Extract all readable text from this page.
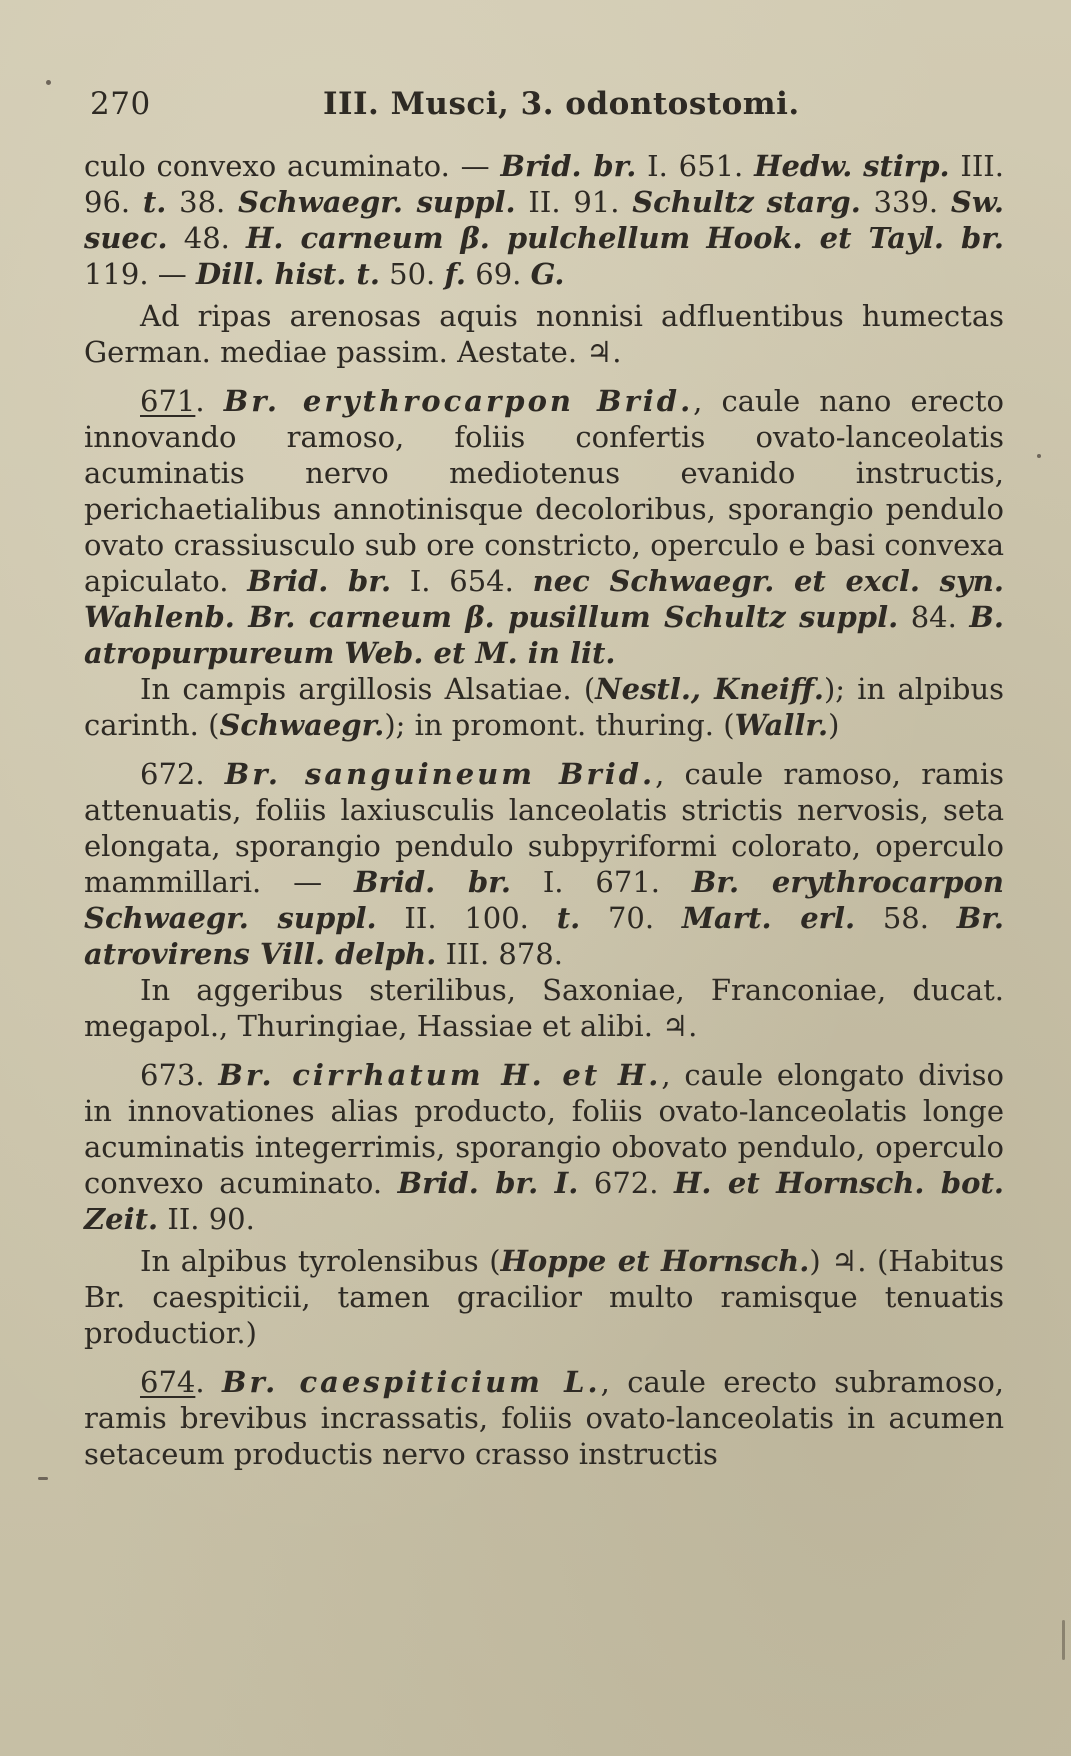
270	III. Musci, 3. odontostomi.

culo convexo acuminato. — Brid. br. I. 651. Hedw. stirp. III. 96. t. 38. Schwaegr. suppl. II. 91. Schultz starg. 339. Sw. suec. 48. H. carneum β. pulchellum Hook. et Tayl. br. 119. — Dill. hist. t. 50. f. 69. G.

Ad ripas arenosas aquis nonnisi adfluentibus humectas German. mediae passim. Aestate. ♃.

671. Br. erythrocarpon Brid., caule nano erecto innovando ramoso, foliis confertis ovato-lanceolatis acuminatis nervo mediotenus evanido instructis, perichaetialibus annotinisque decoloribus, sporangio pendulo ovato crassiusculo sub ore constricto, operculo e basi convexa apiculato. Brid. br. I. 654. nec Schwaegr. et excl. syn. Wahlenb. Br. carneum β. pusillum Schultz suppl. 84. B. atropurpureum Web. et M. in lit.

In campis argillosis Alsatiae. (Nestl., Kneiff.); in alpibus carinth. (Schwaegr.); in promont. thuring. (Wallr.)

672. Br. sanguineum Brid., caule ramoso, ramis attenuatis, foliis laxiusculis lanceolatis strictis nervosis, seta elongata, sporangio pendulo subpyriformi colorato, operculo mammillari. — Brid. br. I. 671. Br. erythrocarpon Schwaegr. suppl. II. 100. t. 70. Mart. erl. 58. Br. atrovirens Vill. delph. III. 878.

In aggeribus sterilibus, Saxoniae, Franconiae, ducat. megapol., Thuringiae, Hassiae et alibi. ♃.

673. Br. cirrhatum H. et H., caule elongato diviso in innovationes alias producto, foliis ovato-lanceolatis longe acuminatis integerrimis, sporangio obovato pendulo, operculo convexo acuminato. Brid. br. I. 672. H. et Hornsch. bot. Zeit. II. 90.

In alpibus tyrolensibus (Hoppe et Hornsch.) ♃. (Habitus Br. caespiticii, tamen gracilior multo ramisque tenuatis productior.)

674. Br. caespiticium L., caule erecto subramoso, ramis brevibus incrassatis, foliis ovato-lanceolatis in acumen setaceum productis nervo crasso instructis
